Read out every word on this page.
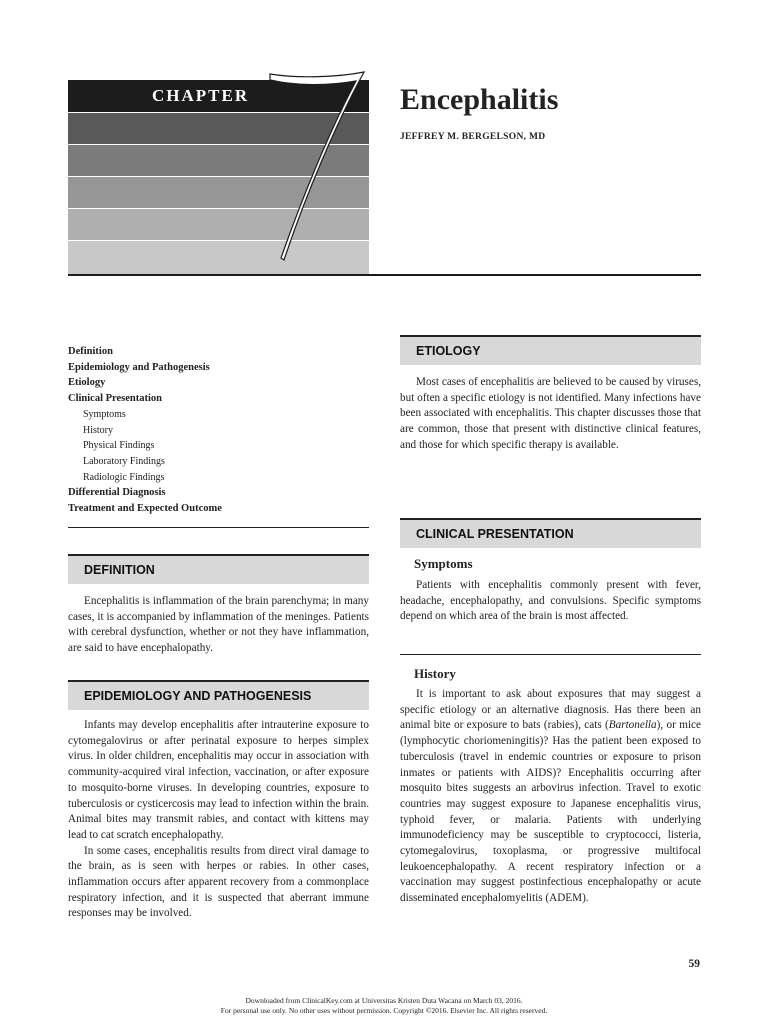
CHAPTER	Encephalitis
JEFFREY M. BERGELSON, MD
Definition
Epidemiology and Pathogenesis
Etiology
Clinical Presentation
Symptoms
History
Physical Findings
Laboratory Findings
Radiologic Findings
Differential Diagnosis
Treatment and Expected Outcome
DEFINITION

Encephalitis is inflammation of the brain parenchyma; in many cases, it is accompanied by inflammation of the meninges. Patients with cerebral dysfunction, whether or not they have inflammation, are said to have encephalopathy.

EPIDEMIOLOGY AND PATHOGENESIS

Infants may develop encephalitis after intrauterine exposure to cytomegalovirus or after perinatal exposure to herpes simplex virus. In older children, encephalitis may occur in association with community-acquired viral infection, vaccination, or after exposure to mosquito-borne viruses. In developing countries, exposure to tuberculosis or cysticercosis may lead to infection within the brain. Animal bites may transmit rabies, and contact with kittens may lead to cat scratch encephalopathy.

In some cases, encephalitis results from direct viral damage to the brain, as is seen with herpes or rabies. In other cases, inflammation occurs after apparent recovery from a commonplace respiratory infection, and it is suspected that aberrant immune responses may be involved.

ETIOLOGY

Most cases of encephalitis are believed to be caused by viruses, but often a specific etiology is not identified. Many infections have been associated with encephalitis. This chapter discusses those that are common, those that present with distinctive clinical features, and those for which specific therapy is available.

CLINICAL PRESENTATION
Symptoms

Patients with encephalitis commonly present with fever, headache, encephalopathy, and convulsions. Specific symptoms depend on which area of the brain is most affected.

History

It is important to ask about exposures that may suggest a specific etiology or an alternative diagnosis. Has there been an animal bite or exposure to bats (rabies), cats (Bartonella), or mice (lymphocytic choriomeningitis)? Has the patient been exposed to tuberculosis (travel in endemic countries or exposure to prison inmates or patients with AIDS)? Encephalitis occurring after mosquito bites suggests an arbovirus infection. Travel to exotic countries may suggest exposure to Japanese encephalitis virus, typhoid fever, or malaria. Patients with underlying immunodeficiency may be susceptible to cryptococci, listeria, cytomegalovirus, toxoplasma, or progressive multifocal leukoencephalopathy. A recent respiratory infection or a vaccination may suggest postinfectious encephalopathy or acute disseminated encephalomyelitis (ADEM).

59
Downloaded from ClinicalKey.com at Universitas Kristen Duta Wacana on March 03, 2016.
For personal use only. No other uses without permission. Copyright ©2016. Elsevier Inc. All rights reserved.
